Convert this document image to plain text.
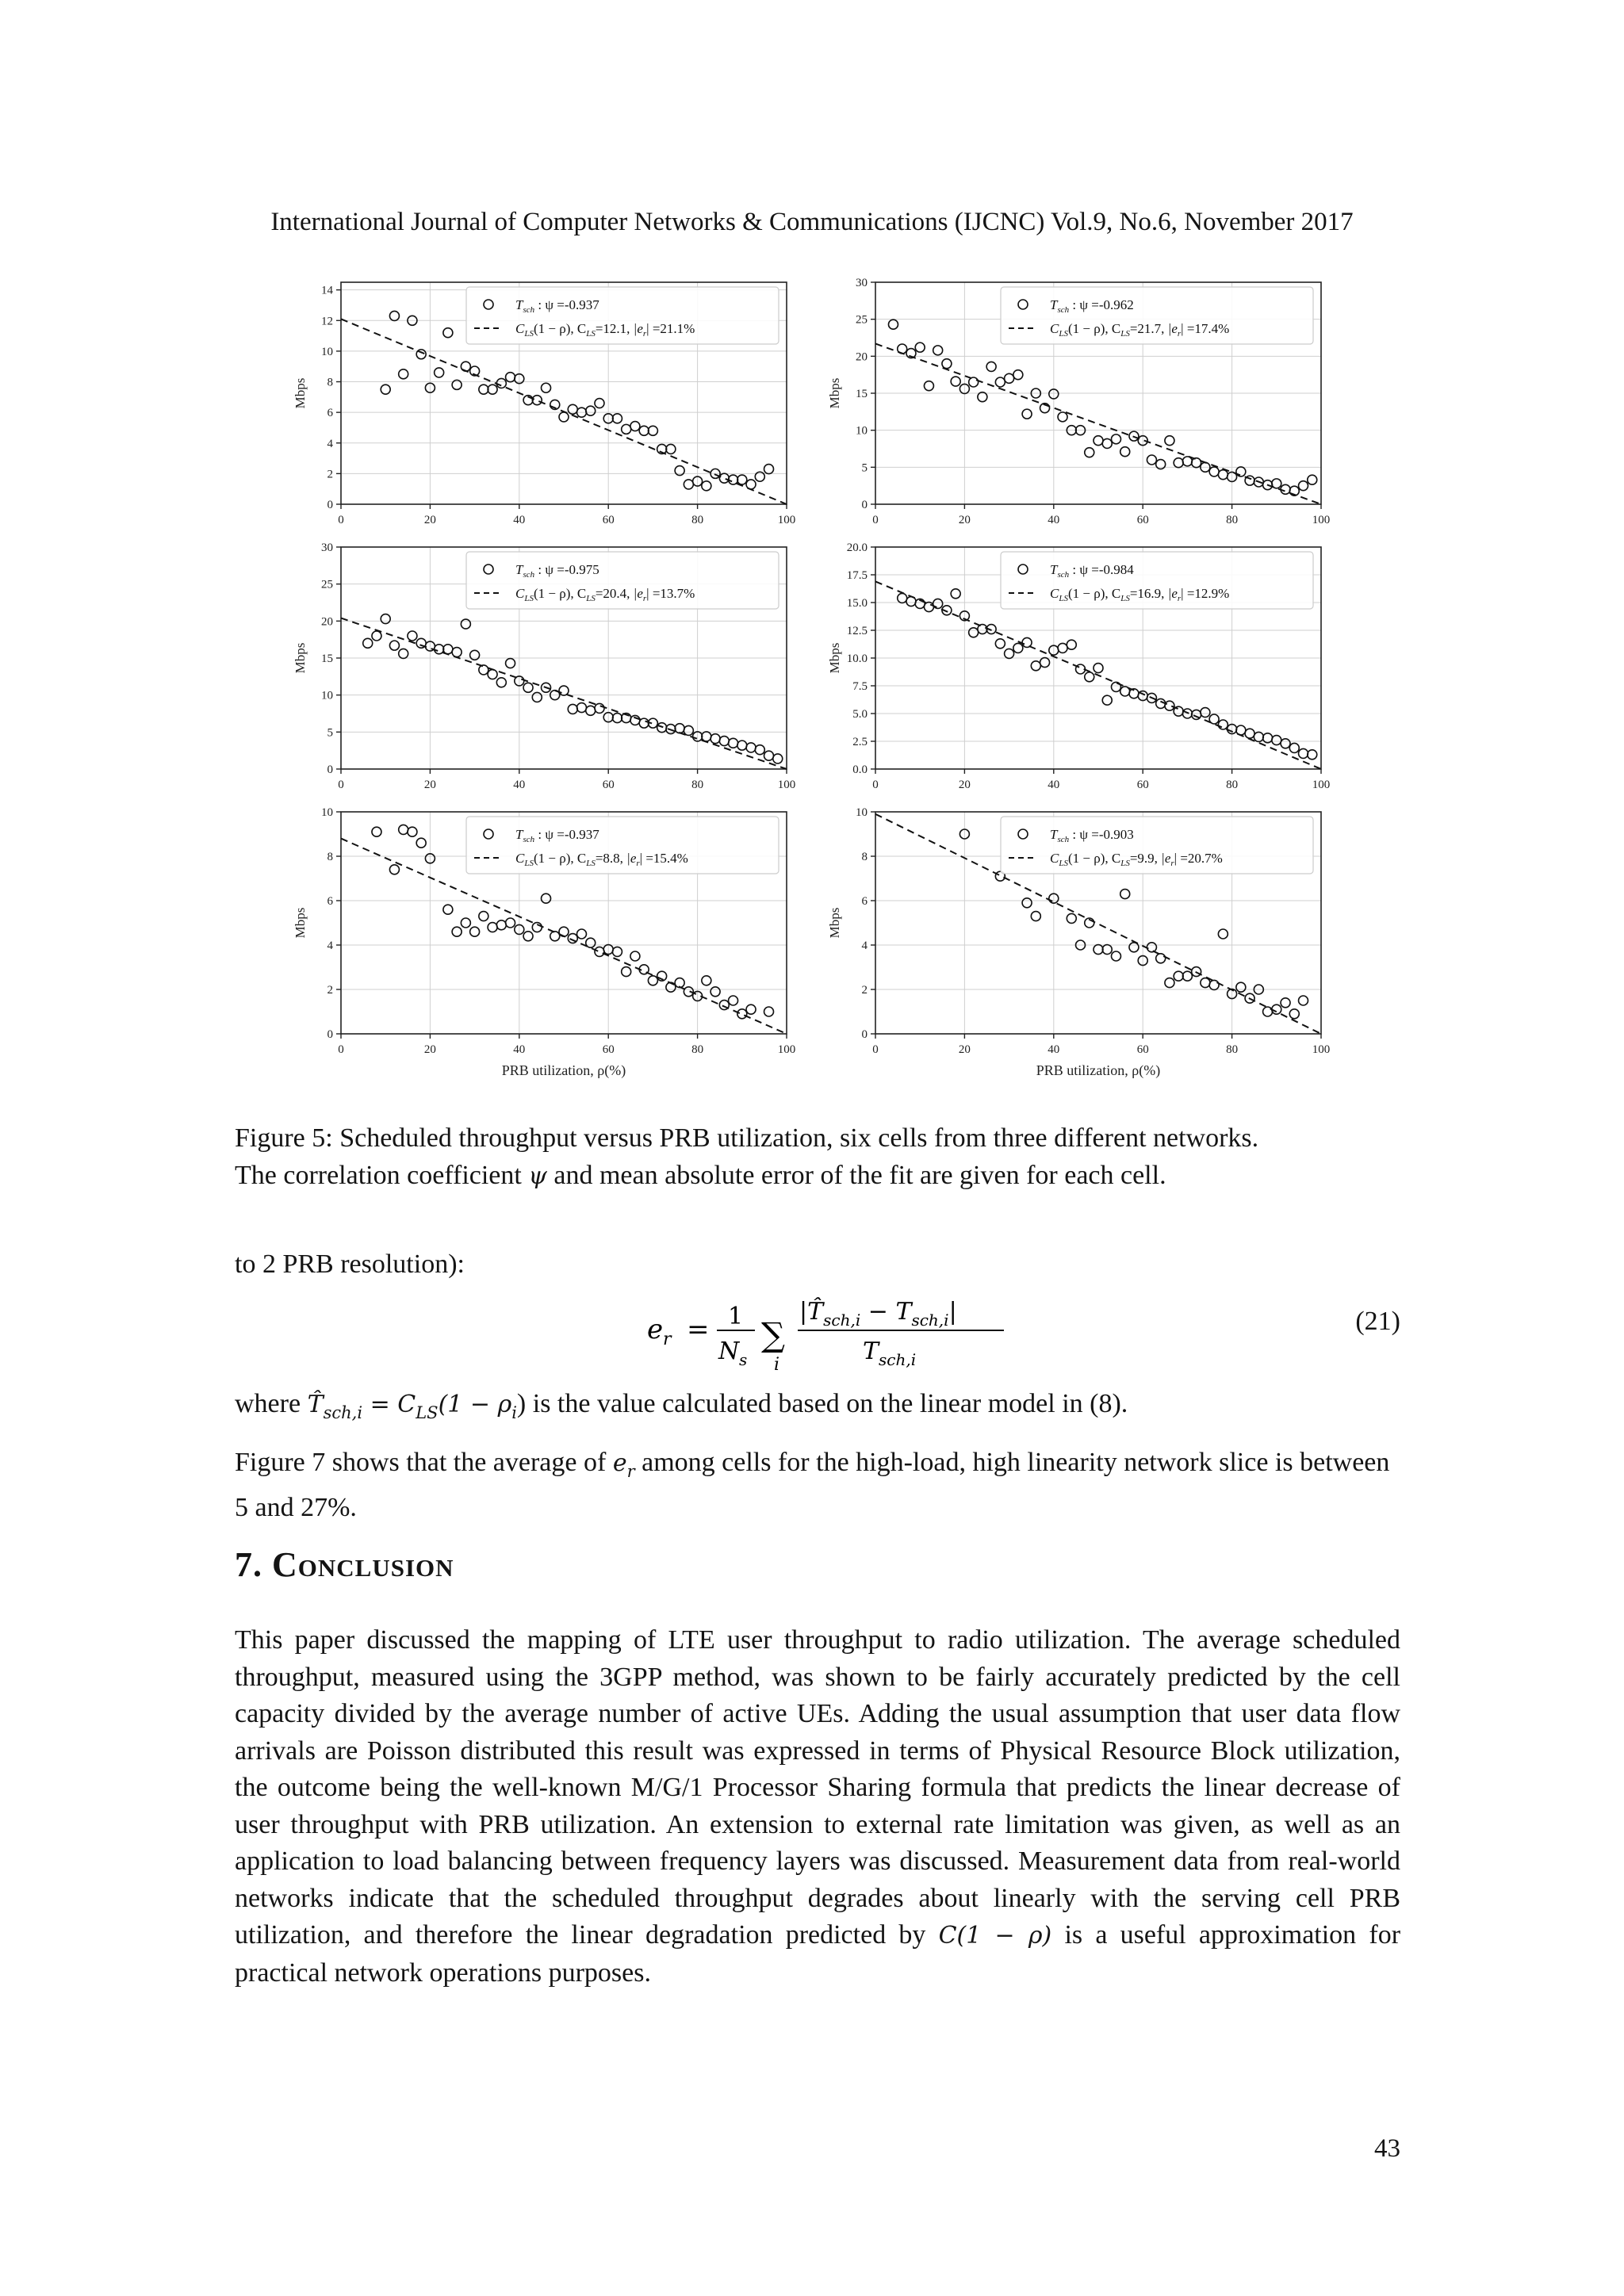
International Journal of Computer Networks & Communications (IJCNC) Vol.9, No.6, November 2017
0
2
4
6
8
10
12
14
0	20	40	60	80	100
Mbps
$T_{sch}$ : ψ =-0.937
$C_{LS}(1 - \rho)$, $C_{LS}=12.1$, $|e_r| =21.1\%$
0
5
10
15
20
25
30
0	20	40	60	80	100
Mbps
$T_{sch}$ : ψ =-0.962
$C_{LS}(1 - \rho)$, $C_{LS}=21.7$, $|e_r| =17.4\%$
0
5
10
15
20
25
30
0	20	40	60	80	100
Mbps
$T_{sch}$ : ψ =-0.975
$C_{LS}(1 - \rho)$, $C_{LS}=20.4$, $|e_r| =13.7\%$
0.0
2.5
5.0
7.5
10.0
12.5
15.0
17.5
20.0
0	20	40	60	80	100
Mbps
$T_{sch}$ : ψ =-0.984
$C_{LS}(1 - \rho)$, $C_{LS}=16.9$, $|e_r| =12.9\%$
0
2
4
6
8
10
0	20	40	60	80	100
Mbps
PRB utilization, ρ(%)
$T_{sch}$ : ψ =-0.937
$C_{LS}(1 - \rho)$, $C_{LS}=8.8$, $|e_r| =15.4\%$
0
2
4
6
8
10
0	20	40	60	80	100
Mbps
PRB utilization, ρ(%)
$T_{sch}$ : ψ =-0.903
$C_{LS}(1 - \rho)$, $C_{LS}=9.9$, $|e_r| =20.7\%$
Figure 5: Scheduled throughput versus PRB utilization, six cells from three different networks.
The correlation coefficient ψ and mean absolute error of the fit are given for each cell.
to 2 PRB resolution):
e r = 1
N s
∑
i
$|T̂_{sch,i} - T_{sch,i}|$
$T_{sch,i}$
(21)
where $T̂_{sch,i} = C_{LS}(1 - \rho_i)$ is the value calculated based on the linear model in (8).
Figure 7 shows that the average of $e_r$ among cells for the high-load, high linearity network slice is between 5 and 27%.
7. Conclusion
This paper discussed the mapping of LTE user throughput to radio utilization. The average scheduled throughput, measured using the 3GPP method, was shown to be fairly accurately predicted by the cell capacity divided by the average number of active UEs. Adding the usual assumption that user data flow arrivals are Poisson distributed this result was expressed in terms of Physical Resource Block utilization, the outcome being the well-known M/G/1 Processor Sharing formula that predicts the linear decrease of user throughput with PRB utilization. An extension to external rate limitation was given, as well as an application to load balancing between frequency layers was discussed. Measurement data from real-world networks indicate that the scheduled throughput degrades about linearly with the serving cell PRB utilization, and therefore the linear degradation predicted by C(1 − ρ) is a useful approximation for practical network operations purposes.
43
